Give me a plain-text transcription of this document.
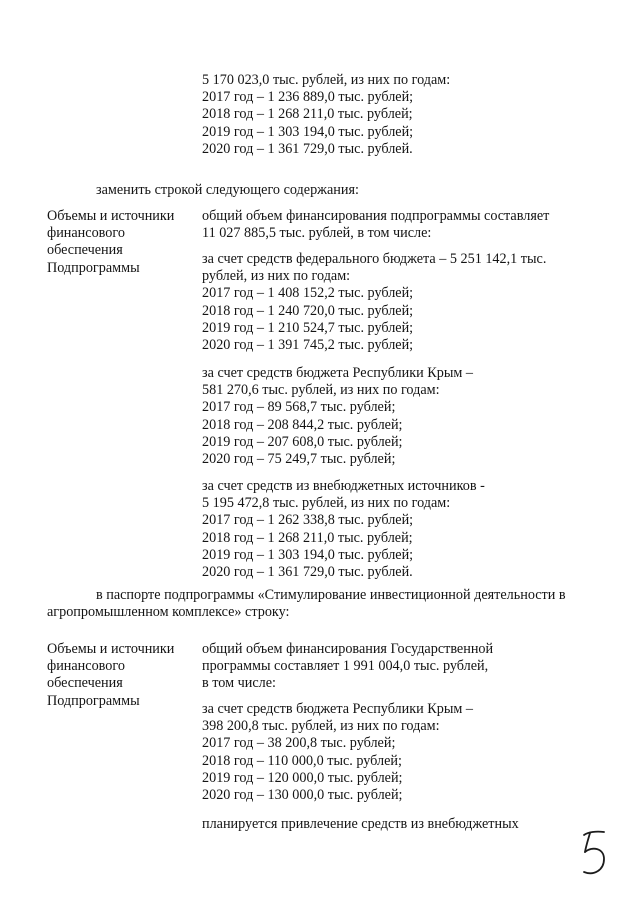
5 170 023,0 тыс. рублей, из них по годам:
2017 год – 1 236 889,0 тыс. рублей;
2018 год – 1 268 211,0 тыс. рублей;
2019 год – 1 303 194,0 тыс. рублей;
2020 год – 1 361 729,0 тыс. рублей.
заменить строкой следующего содержания:
Объемы и источники
финансового
обеспечения
Подпрограммы
общий объем финансирования подпрограммы составляет
11 027 885,5 тыс. рублей, в том числе:
за счет средств федерального бюджета – 5 251 142,1 тыс.
рублей, из них по годам:
2017 год – 1 408 152,2 тыс. рублей;
2018 год – 1 240 720,0 тыс. рублей;
2019 год – 1 210 524,7 тыс. рублей;
2020 год – 1 391 745,2 тыс. рублей;
за счет средств бюджета Республики Крым –
581 270,6 тыс. рублей, из них по годам:
2017 год – 89 568,7 тыс. рублей;
2018 год – 208 844,2 тыс. рублей;
2019 год – 207 608,0 тыс. рублей;
2020 год – 75 249,7 тыс. рублей;
за счет средств из внебюджетных источников -
5 195 472,8 тыс. рублей, из них по годам:
2017 год – 1 262 338,8 тыс. рублей;
2018 год – 1 268 211,0 тыс. рублей;
2019 год – 1 303 194,0 тыс. рублей;
2020 год – 1 361 729,0 тыс. рублей.
в паспорте подпрограммы «Стимулирование инвестиционной деятельности в
агропромышленном комплексе» строку:
Объемы и источники
финансового
обеспечения
Подпрограммы
общий объем финансирования Государственной
программы составляет 1 991 004,0 тыс. рублей,
в том числе:
за счет средств бюджета Республики Крым –
398 200,8 тыс. рублей, из них по годам:
2017 год – 38 200,8 тыс. рублей;
2018 год – 110 000,0 тыс. рублей;
2019 год – 120 000,0 тыс. рублей;
2020 год – 130 000,0 тыс. рублей;
планируется привлечение средств из внебюджетных
